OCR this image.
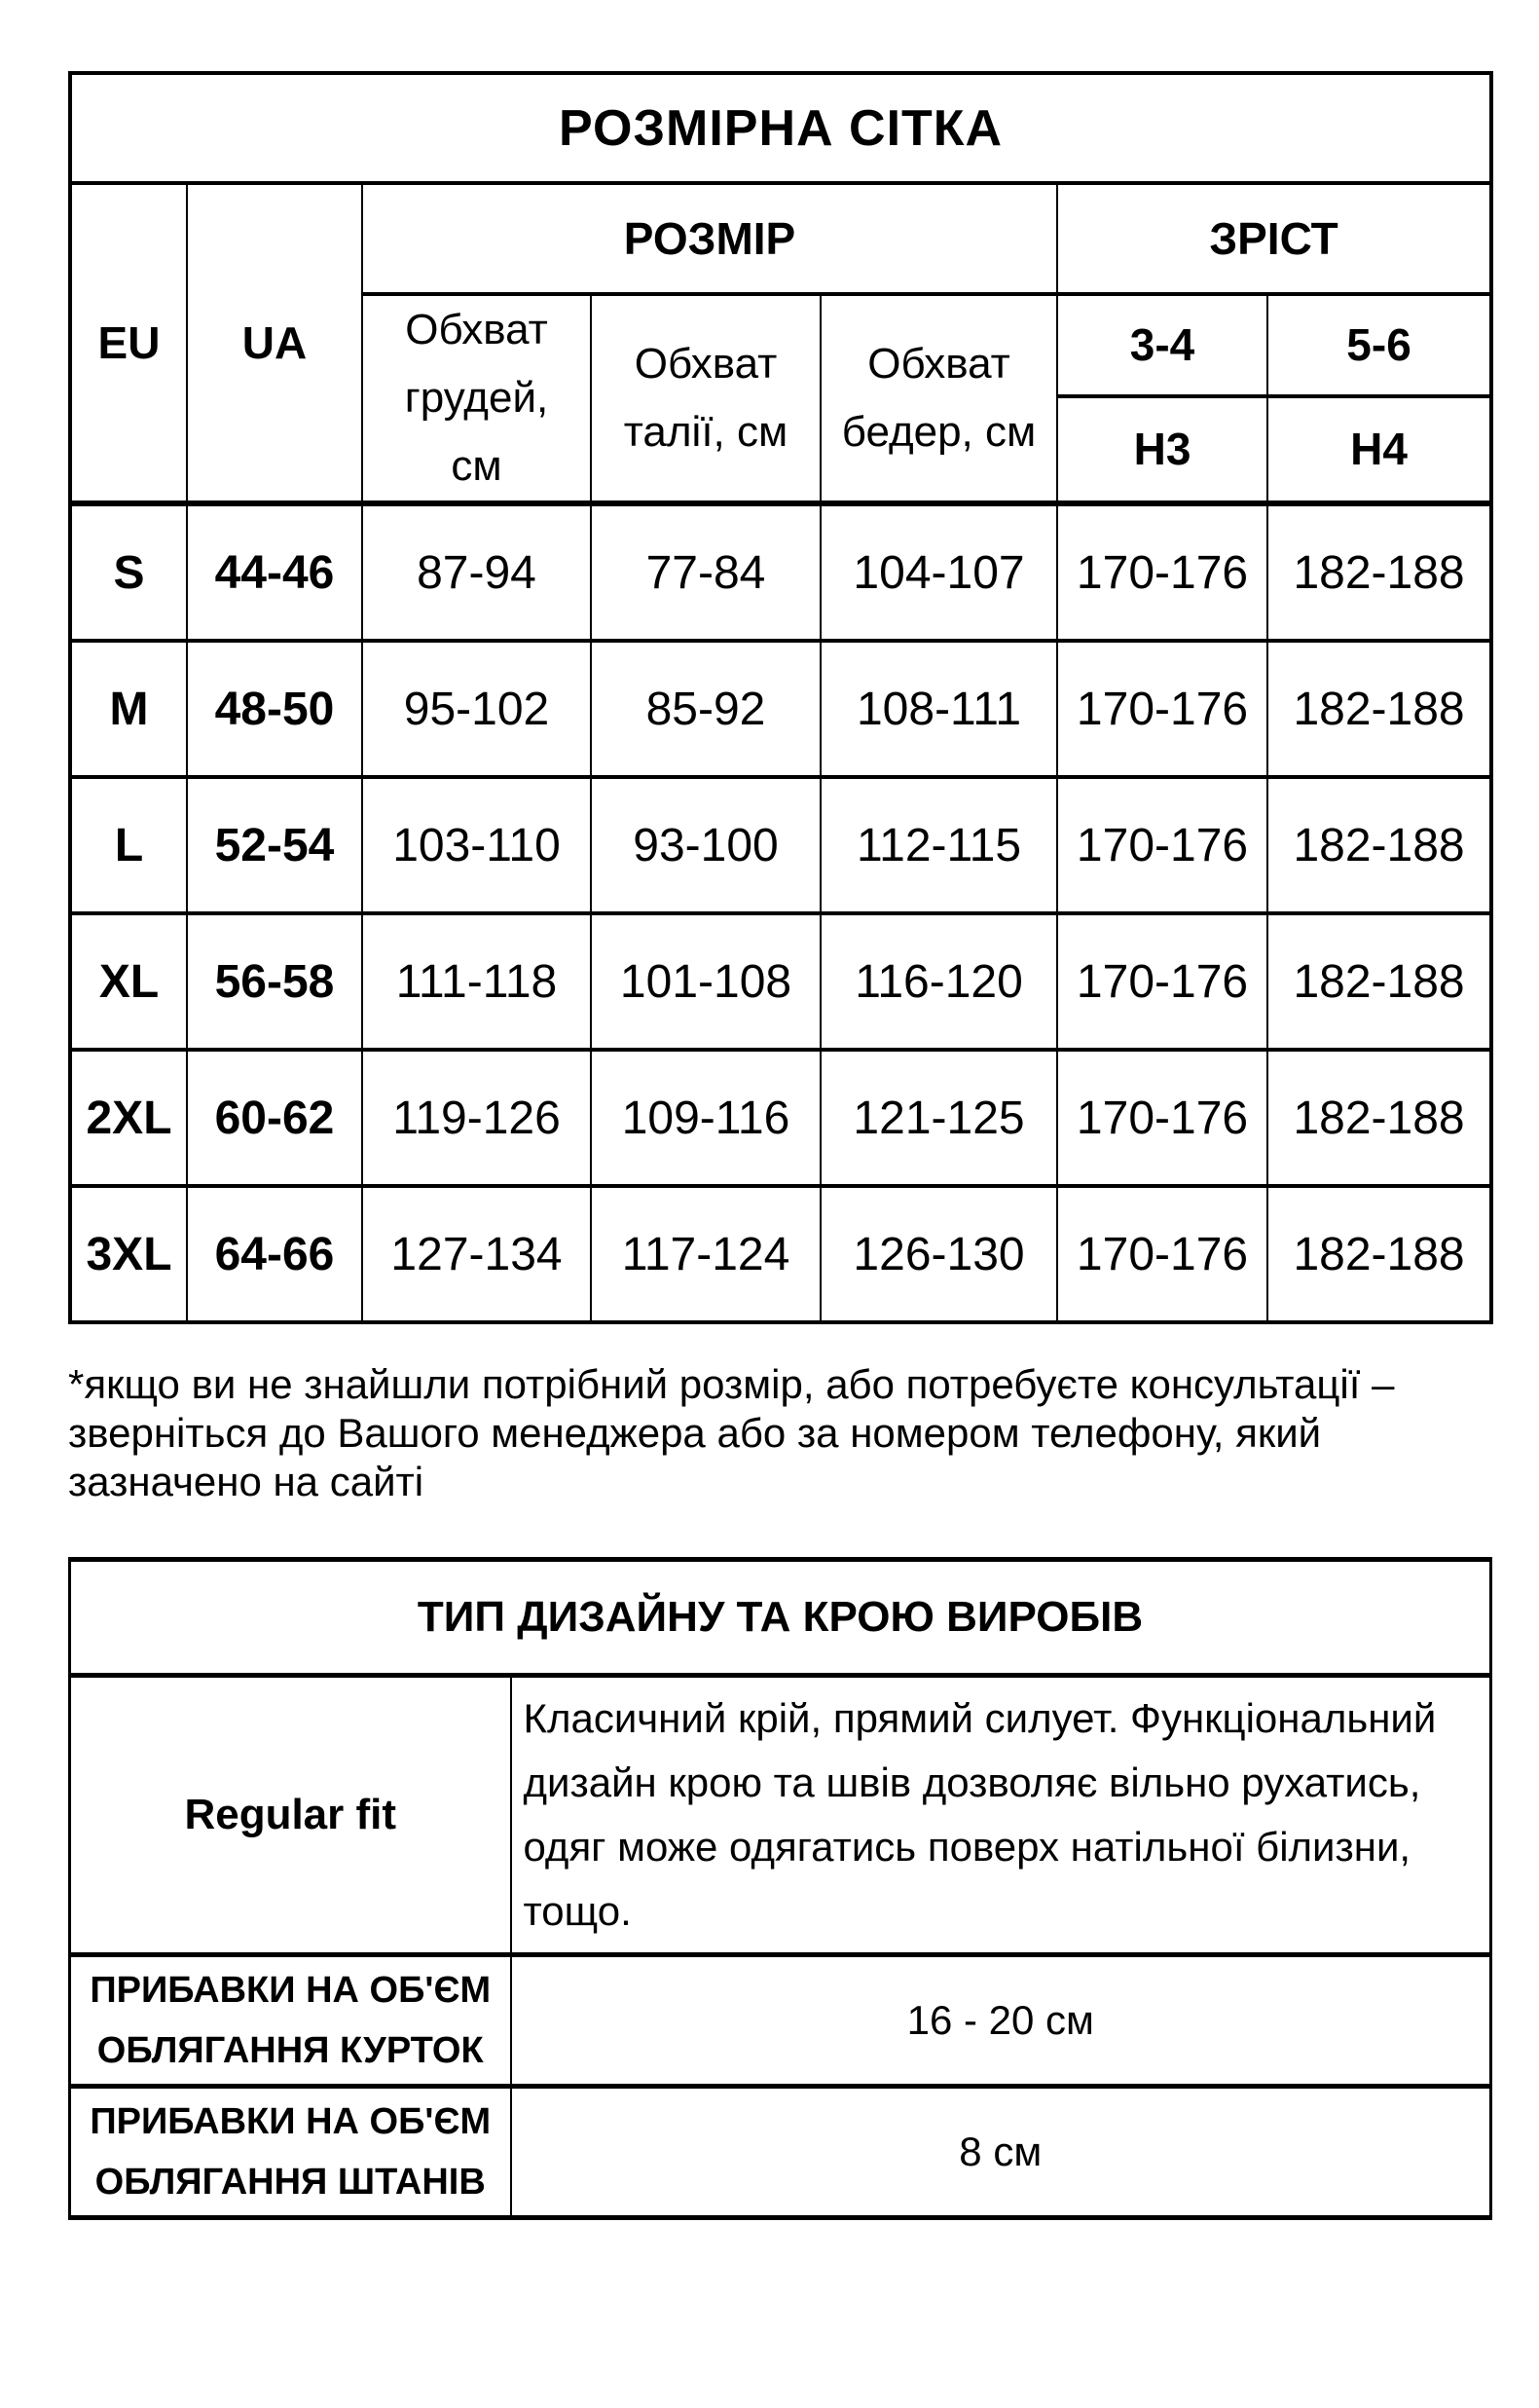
РОЗМІРНА СІТКА						
EU	UA	РОЗМІР			ЗРІСТ	
		Обхват грудей, см	Обхват талії, см	Обхват бедер, см	3-4	5-6
					Н3	Н4
S	44-46	87-94	77-84	104-107	170-176	182-188
M	48-50	95-102	85-92	108-111	170-176	182-188
L	52-54	103-110	93-100	112-115	170-176	182-188
XL	56-58	111-118	101-108	116-120	170-176	182-188
2XL	60-62	119-126	109-116	121-125	170-176	182-188
3XL	64-66	127-134	117-124	126-130	170-176	182-188
*якщо ви не знайшли потрібний розмір, або потребуєте консультації – зверніться до Вашого менеджера або за номером телефону, який зазначено на сайті
ТИП ДИЗАЙНУ ТА КРОЮ ВИРОБІВ	
Regular fit	Класичний крій, прямий силует. Функціональний дизайн крою та швів дозволяє вільно рухатись, одяг може одягатись поверх натільної білизни, тощо.
ПРИБАВКИ НА ОБ'ЄМ ОБЛЯГАННЯ КУРТОК	16 - 20 см
ПРИБАВКИ НА ОБ'ЄМ ОБЛЯГАННЯ ШТАНІВ	8 см
